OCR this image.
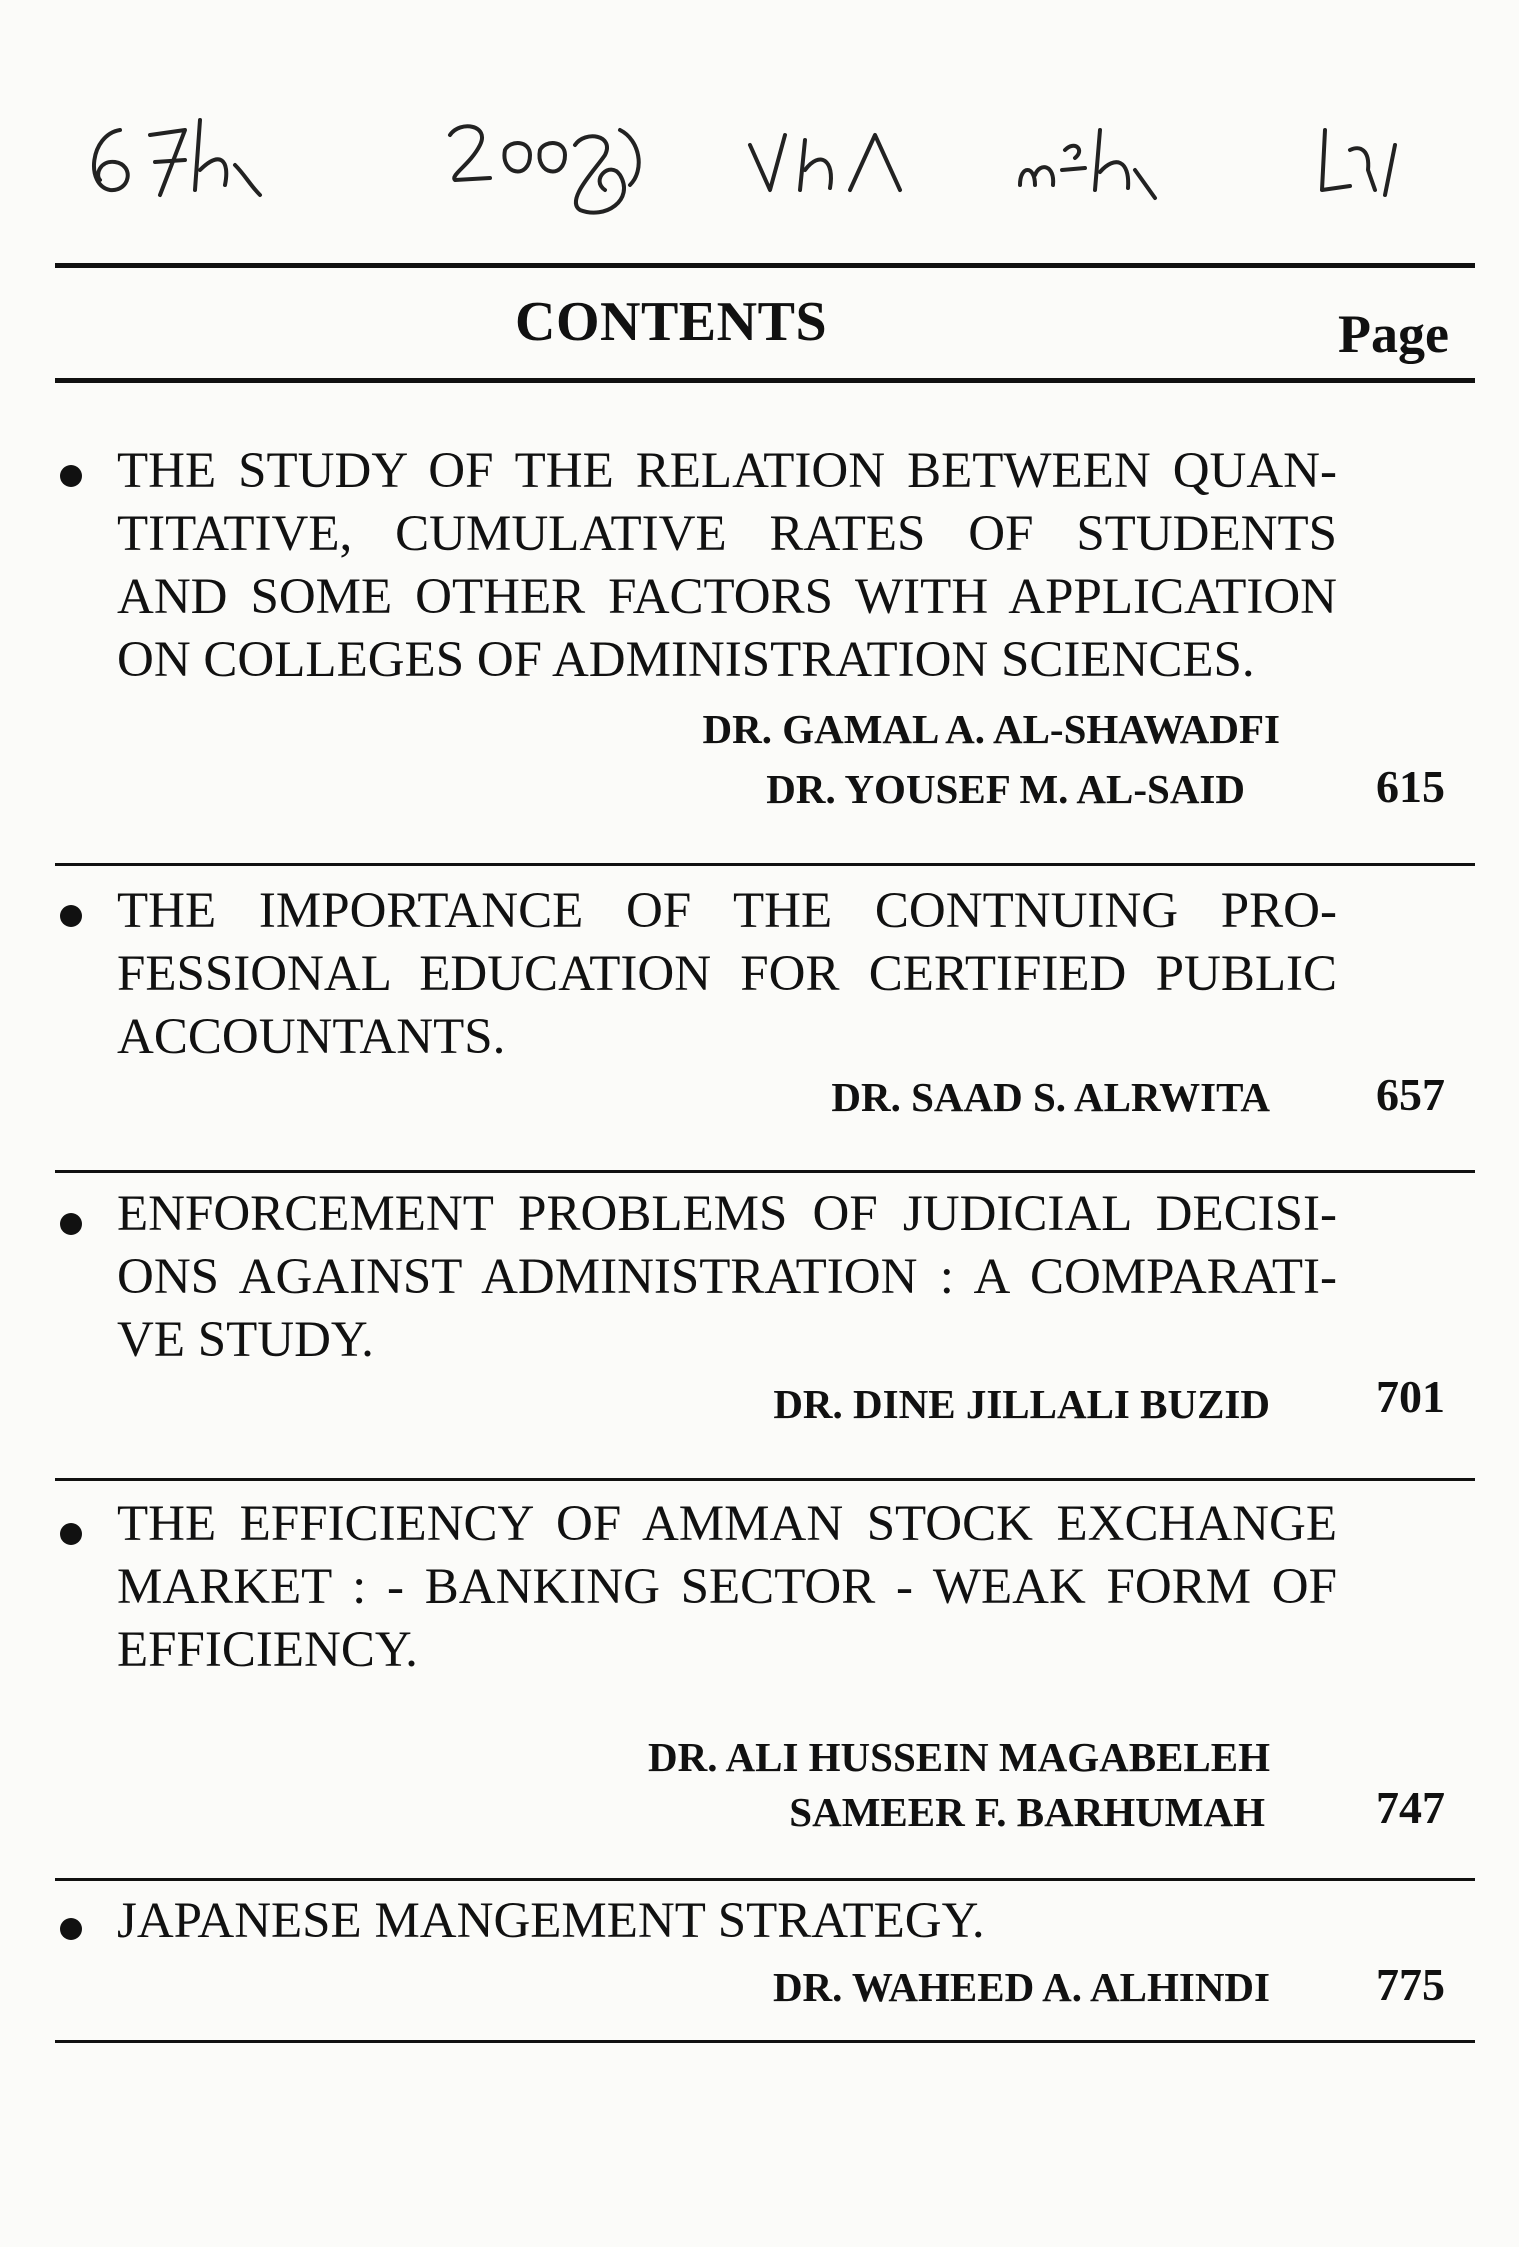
CONTENTS	Page
THE STUDY OF THE RELATION BETWEEN QUAN-
TITATIVE, CUMULATIVE RATES OF STUDENTS
AND SOME OTHER FACTORS WITH APPLICATION
ON COLLEGES OF ADMINISTRATION SCIENCES.
DR. GAMAL A. AL-SHAWADFI
DR. YOUSEF M. AL-SAID	615
THE IMPORTANCE OF THE CONTNUING PRO-
FESSIONAL EDUCATION FOR CERTIFIED PUBLIC
ACCOUNTANTS.
DR. SAAD S. ALRWITA 657
ENFORCEMENT PROBLEMS OF JUDICIAL DECISI-
ONS AGAINST ADMINISTRATION : A COMPARATI-
VE STUDY.
DR. DINE JILLALI BUZID 701
THE EFFICIENCY OF AMMAN STOCK EXCHANGE
MARKET : - BANKING SECTOR - WEAK FORM OF
EFFICIENCY.
DR. ALI HUSSEIN MAGABELEH
SAMEER F. BARHUMAH 747
JAPANESE MANGEMENT STRATEGY.
DR. WAHEED A. ALHINDI 775
